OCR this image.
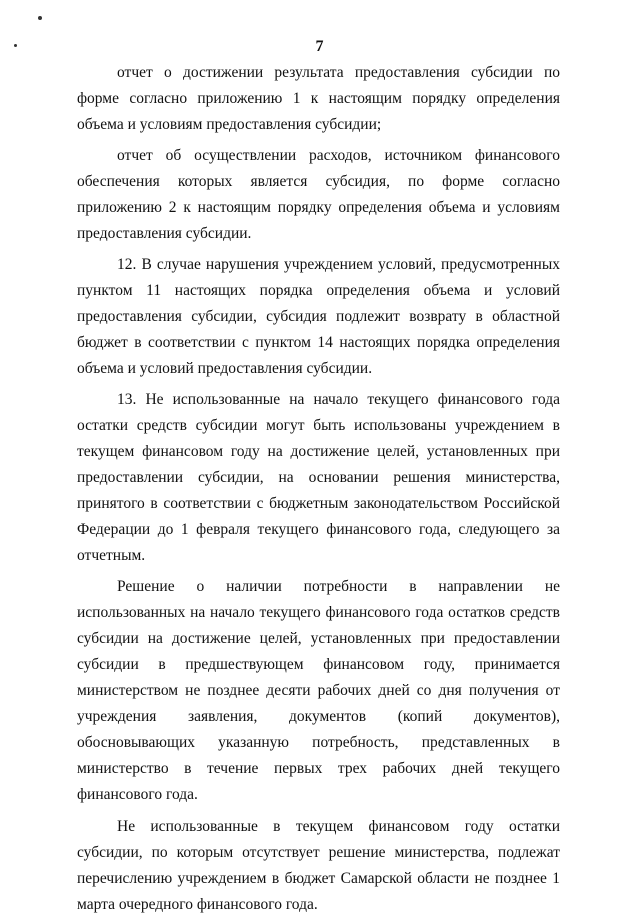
7

отчет о достижении результата предоставления субсидии по форме согласно приложению 1 к настоящим порядку определения объема и условиям предоставления субсидии;

отчет об осуществлении расходов, источником финансового обеспечения которых является субсидия, по форме согласно приложению 2 к настоящим порядку определения объема и условиям предоставления субсидии.

12. В случае нарушения учреждением условий, предусмотренных пунктом 11 настоящих порядка определения объема и условий предоставления субсидии, субсидия подлежит возврату в областной бюджет в соответствии с пунктом 14 настоящих порядка определения объема и условий предоставления субсидии.

13. Не использованные на начало текущего финансового года остатки средств субсидии могут быть использованы учреждением в текущем финансовом году на достижение целей, установленных при предоставлении субсидии, на основании решения министерства, принятого в соответствии с бюджетным законодательством Российской Федерации до 1 февраля текущего финансового года, следующего за отчетным.

Решение о наличии потребности в направлении не использованных на начало текущего финансового года остатков средств субсидии на достижение целей, установленных при предоставлении субсидии в предшествующем финансовом году, принимается министерством не позднее десяти рабочих дней со дня получения от учреждения заявления, документов (копий документов), обосновывающих указанную потребность, представленных в министерство в течение первых трех рабочих дней текущего финансового года.

Не использованные в текущем финансовом году остатки субсидии, по которым отсутствует решение министерства, подлежат перечислению учреждением в бюджет Самарской области не позднее 1 марта очередного финансового года.
